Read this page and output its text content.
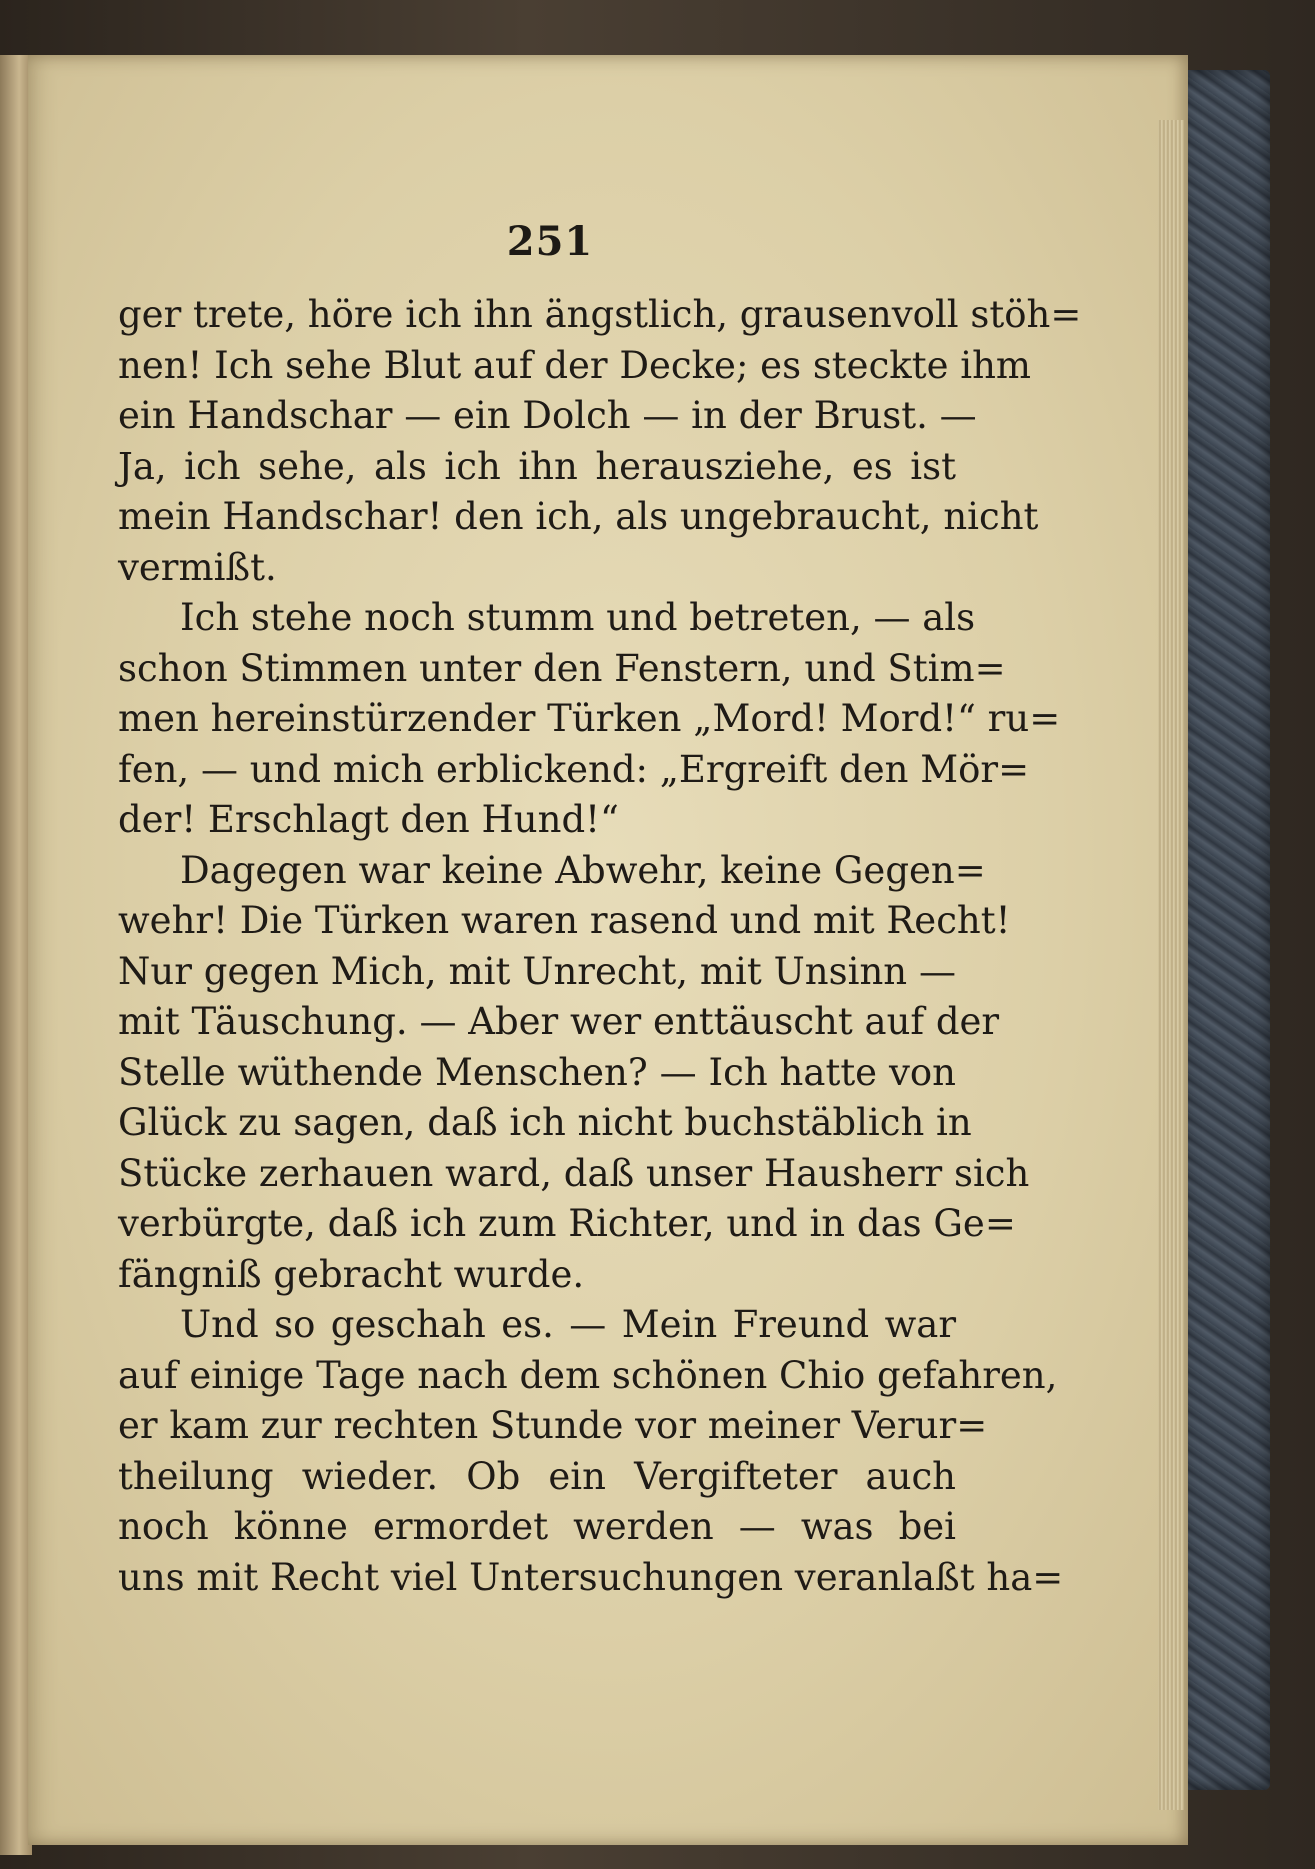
251
ger trete, höre ich ihn ängstlich, grausenvoll stöh=
nen! Ich sehe Blut auf der Decke; es steckte ihm
ein Handschar — ein Dolch — in der Brust. —
Ja, ich sehe, als ich ihn herausziehe, es ist
mein Handschar! den ich, als ungebraucht, nicht
vermißt.
Ich stehe noch stumm und betreten, — als
schon Stimmen unter den Fenstern, und Stim=
men hereinstürzender Türken „Mord! Mord!“ ru=
fen, — und mich erblickend: „Ergreift den Mör=
der! Erschlagt den Hund!“
Dagegen war keine Abwehr, keine Gegen=
wehr! Die Türken waren rasend und mit Recht!
Nur gegen Mich, mit Unrecht, mit Unsinn —
mit Täuschung. — Aber wer enttäuscht auf der
Stelle wüthende Menschen? — Ich hatte von
Glück zu sagen, daß ich nicht buchstäblich in
Stücke zerhauen ward, daß unser Hausherr sich
verbürgte, daß ich zum Richter, und in das Ge=
fängniß gebracht wurde.
Und so geschah es. — Mein Freund war
auf einige Tage nach dem schönen Chio gefahren,
er kam zur rechten Stunde vor meiner Verur=
theilung wieder. Ob ein Vergifteter auch
noch könne ermordet werden — was bei
uns mit Recht viel Untersuchungen veranlaßt ha=
